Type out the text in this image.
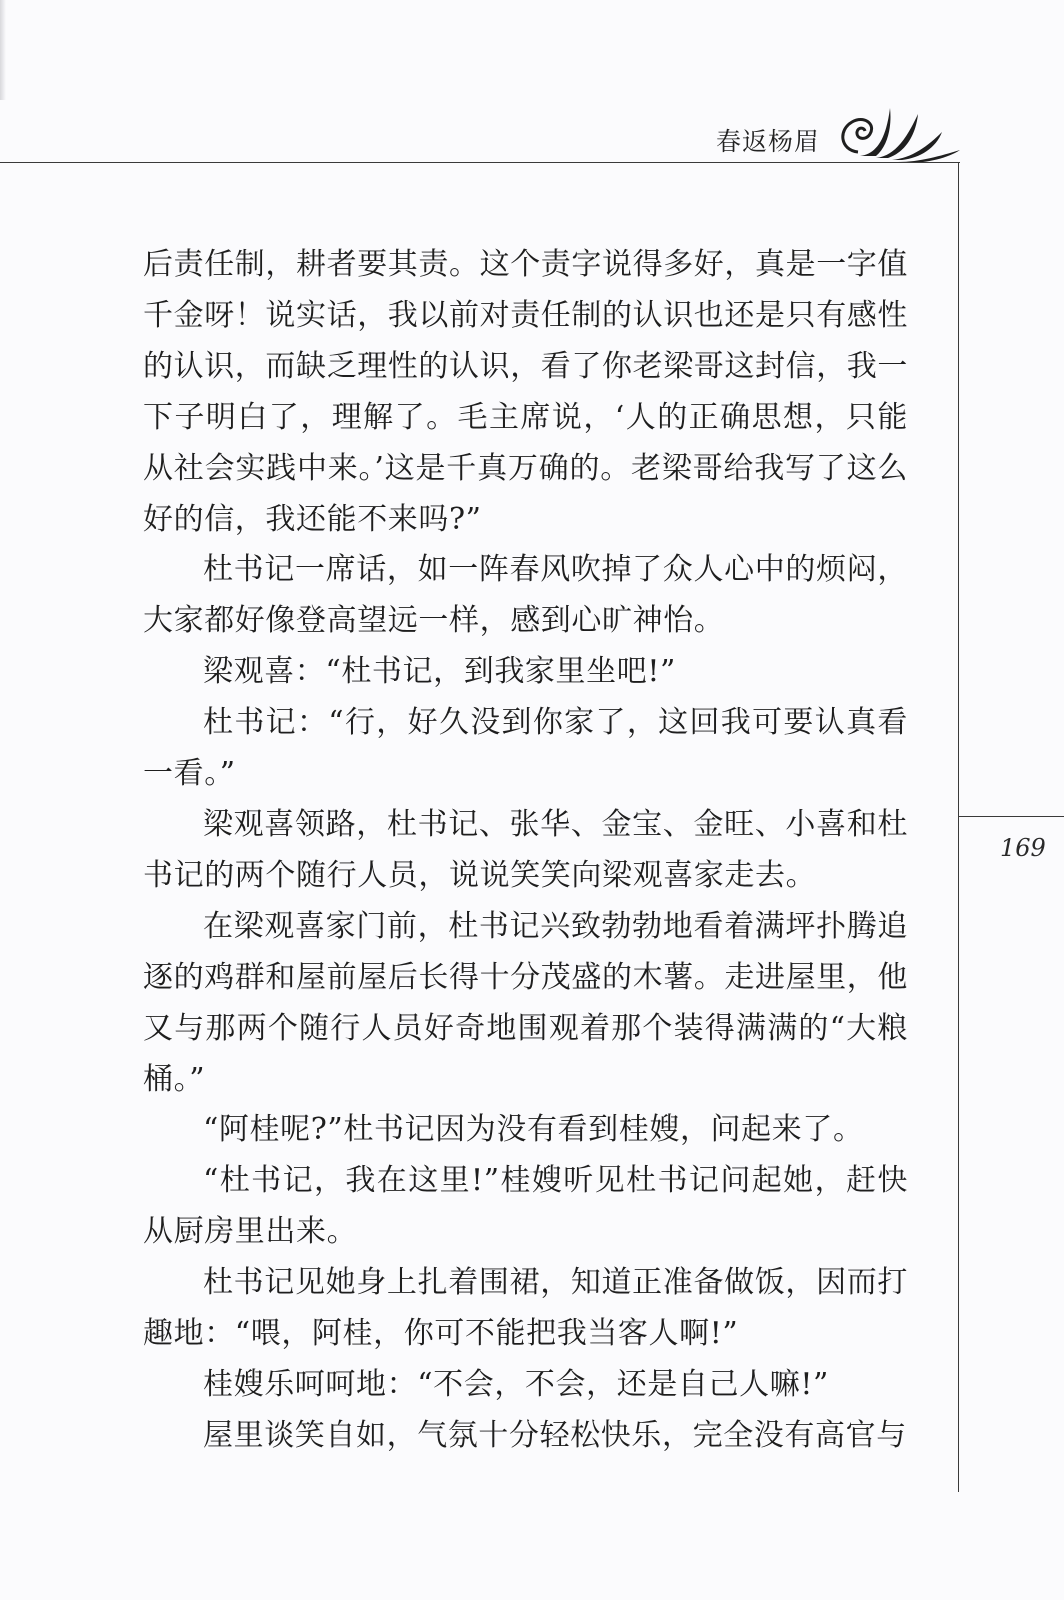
春返杨眉
169

后责任制，耕者要其责。这个责字说得多好，真是一字值千金呀！说实话，我以前对责任制的认识也还是只有感性的认识，而缺乏理性的认识，看了你老梁哥这封信，我一下子明白了，理解了。毛主席说，‘人的正确思想，只能从社会实践中来。’这是千真万确的。老梁哥给我写了这么好的信，我还能不来吗?”

杜书记一席话，如一阵春风吹掉了众人心中的烦闷，大家都好像登高望远一样，感到心旷神怡。

梁观喜：“杜书记，到我家里坐吧!”

杜书记：“行，好久没到你家了，这回我可要认真看一看。”

梁观喜领路，杜书记、张华、金宝、金旺、小喜和杜书记的两个随行人员，说说笑笑向梁观喜家走去。

在梁观喜家门前，杜书记兴致勃勃地看着满坪扑腾追逐的鸡群和屋前屋后长得十分茂盛的木薯。走进屋里，他又与那两个随行人员好奇地围观着那个装得满满的“大粮桶。”

“阿桂呢?”杜书记因为没有看到桂嫂，问起来了。

“杜书记，我在这里!”桂嫂听见杜书记问起她，赶快从厨房里出来。

杜书记见她身上扎着围裙，知道正准备做饭，因而打趣地：“喂，阿桂，你可不能把我当客人啊!”

桂嫂乐呵呵地：“不会，不会，还是自己人嘛!”

屋里谈笑自如，气氛十分轻松快乐，完全没有高官与
